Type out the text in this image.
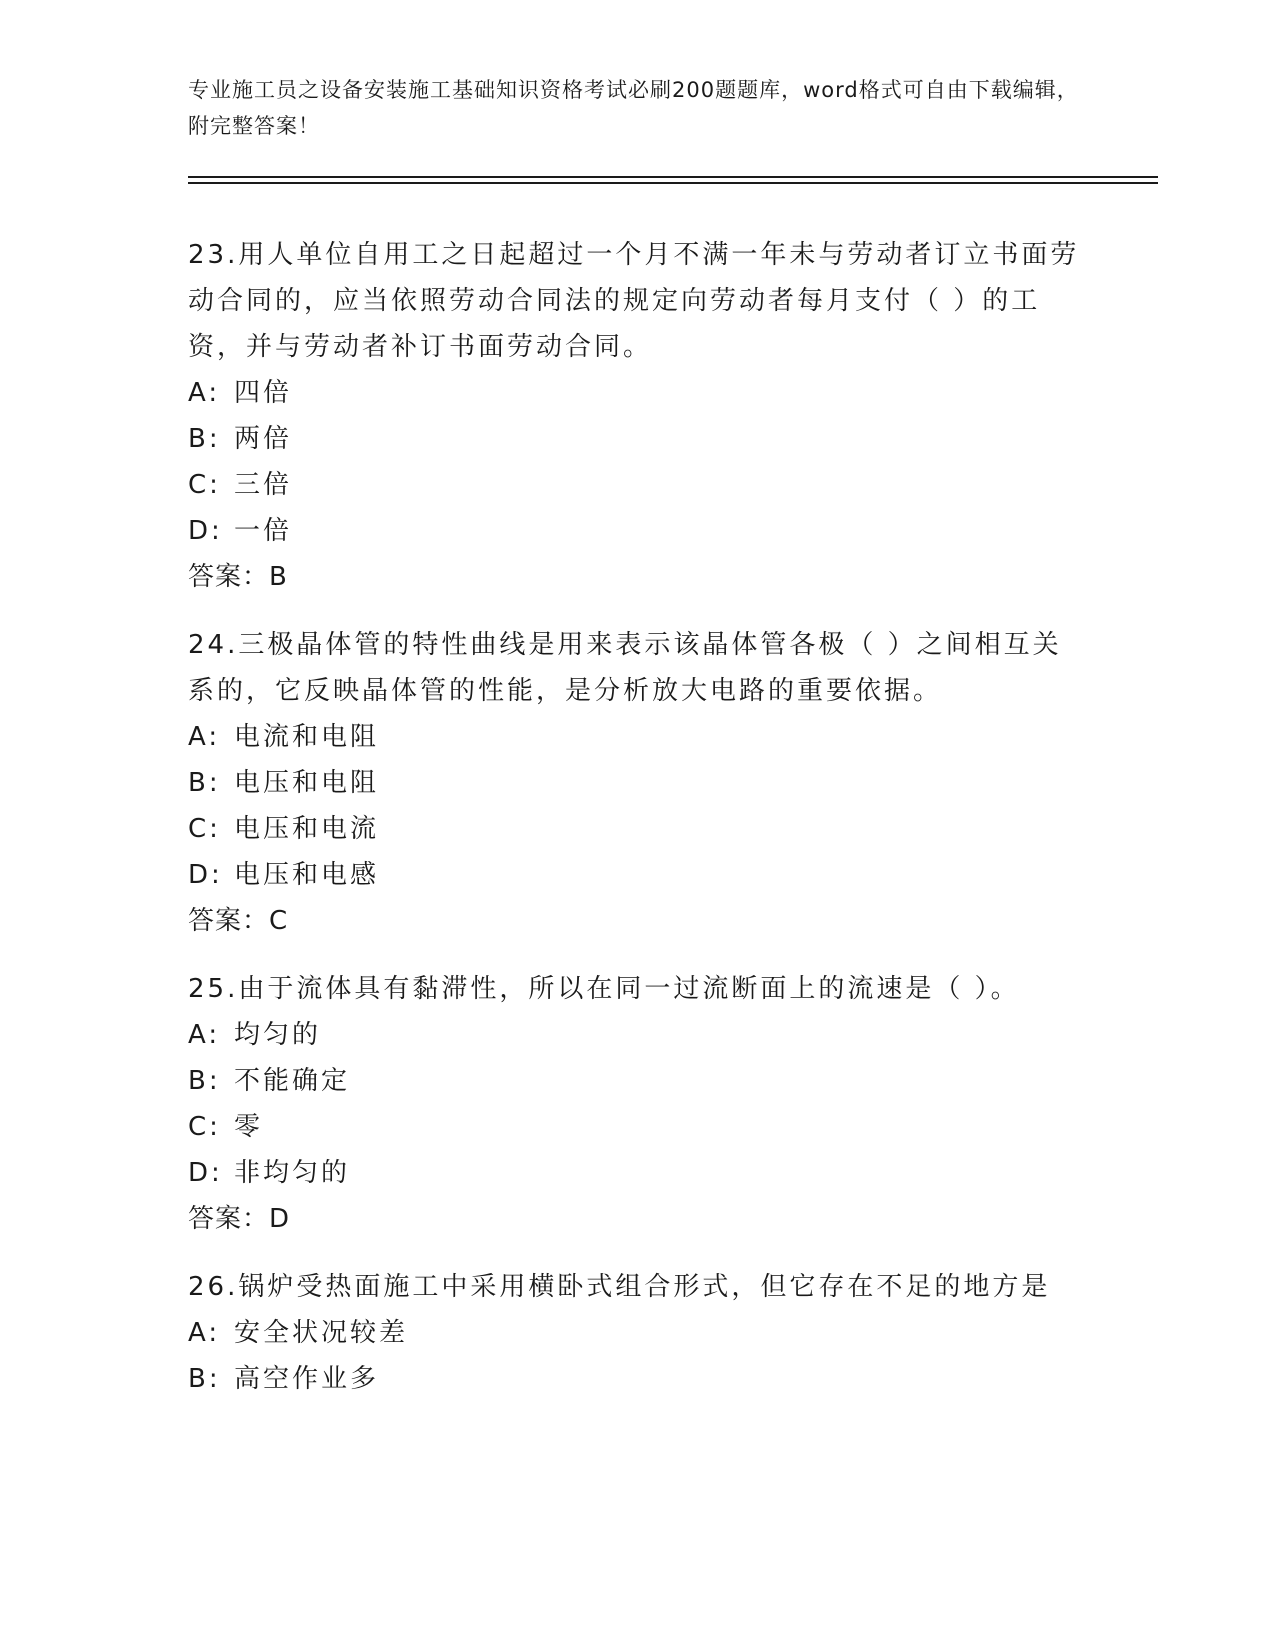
专业施工员之设备安装施工基础知识资格考试必刷200题题库，word格式可自由下载编辑，附完整答案！

23.用人单位自用工之日起超过一个月不满一年未与劳动者订立书面劳动合同的，应当依照劳动合同法的规定向劳动者每月支付（ ）的工资，并与劳动者补订书面劳动合同。

A: 四倍

B: 两倍

C: 三倍

D: 一倍

答案：B

24.三极晶体管的特性曲线是用来表示该晶体管各极（ ）之间相互关系的，它反映晶体管的性能，是分析放大电路的重要依据。

A: 电流和电阻

B: 电压和电阻

C: 电压和电流

D: 电压和电感

答案：C

25.由于流体具有黏滞性，所以在同一过流断面上的流速是（ ）。

A: 均匀的

B: 不能确定

C: 零

D: 非均匀的

答案：D

26.锅炉受热面施工中采用横卧式组合形式，但它存在不足的地方是

A: 安全状况较差

B: 高空作业多
